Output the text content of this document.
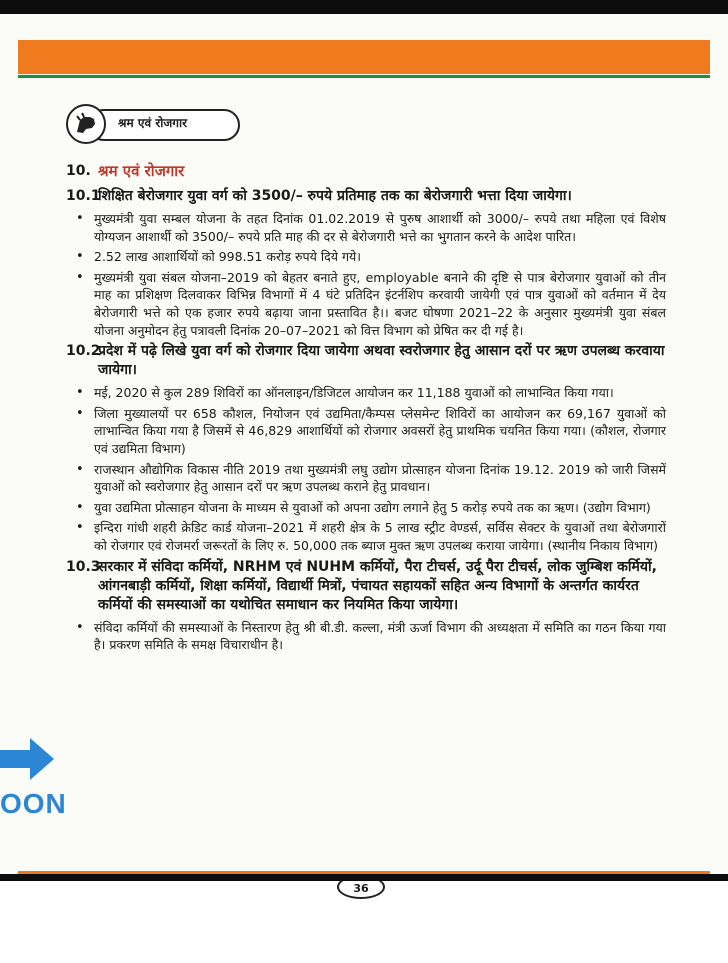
श्रम एवं रोजगार
10. श्रम एवं रोजगार
10.1
शिक्षित बेरोजगार युवा वर्ग को 3500/– रुपये प्रतिमाह तक का बेरोजगारी भत्ता दिया जायेगा।
• मुख्यमंत्री युवा सम्बल योजना के तहत दिनांक 01.02.2019 से पुरुष आशार्थी को 3000/– रुपये तथा महिला एवं विशेष योग्यजन आशार्थी को 3500/– रुपये प्रति माह की दर से बेरोजगारी भत्ते का भुगतान करने के आदेश पारित।
• 2.52 लाख आशार्थियों को 998.51 करोड़ रुपये दिये गये।
• मुख्यमंत्री युवा संबल योजना–2019 को बेहतर बनाते हुए, employable बनाने की दृष्टि से पात्र बेरोजगार युवाओं को तीन माह का प्रशिक्षण दिलवाकर विभिन्न विभागों में 4 घंटे प्रतिदिन इंटर्नशिप करवायी जायेगी एवं पात्र युवाओं को वर्तमान में देय बेरोजगारी भत्ते को एक हजार रुपये बढ़ाया जाना प्रस्तावित है।। बजट घोषणा 2021–22 के अनुसार मुख्यमंत्री युवा संबल योजना अनुमोदन हेतु पत्रावली दिनांक 20–07–2021 को वित्त विभाग को प्रेषित कर दी गई है।
10.2
प्रदेश में पढ़े लिखे युवा वर्ग को रोजगार दिया जायेगा अथवा स्वरोजगार हेतु आसान दरों पर ऋण उपलब्ध करवाया जायेगा।
• मई, 2020 से कुल 289 शिविरों का ऑनलाइन/डिजिटल आयोजन कर 11,188 युवाओं को लाभान्वित किया गया।
• जिला मुख्यालयों पर 658 कौशल, नियोजन एवं उद्यमिता/कैम्पस प्लेसमेन्ट शिविरों का आयोजन कर 69,167 युवाओं को लाभान्वित किया गया है जिसमें से 46,829 आशार्थियों को रोजगार अवसरों हेतु प्राथमिक चयनित किया गया। (कौशल, रोजगार एवं उद्यमिता विभाग)
• राजस्थान औद्योगिक विकास नीति 2019 तथा मुख्यमंत्री लघु उद्योग प्रोत्साहन योजना दिनांक 19.12. 2019 को जारी जिसमें युवाओं को स्वरोजगार हेतु आसान दरों पर ऋण उपलब्ध कराने हेतु प्रावधान।
• युवा उद्यमिता प्रोत्साहन योजना के माध्यम से युवाओं को अपना उद्योग लगाने हेतु 5 करोड़ रुपये तक का ऋण। (उद्योग विभाग)
• इन्दिरा गांधी शहरी क्रेडिट कार्ड योजना–2021 में शहरी क्षेत्र के 5 लाख स्ट्रीट वेण्डर्स, सर्विस सेक्टर के युवाओं तथा बेरोजगारों को रोजगार एवं रोजमर्रा जरूरतों के लिए रु. 50,000 तक ब्याज मुक्त ऋण उपलब्ध कराया जायेगा। (स्थानीय निकाय विभाग)
10.3
सरकार में संविदा कर्मियों, NRHM एवं NUHM कर्मियों, पैरा टीचर्स, उर्दू पैरा टीचर्स, लोक जुम्बिश कर्मियों, आंगनबाड़ी कर्मियों, शिक्षा कर्मियों, विद्यार्थी मित्रों, पंचायत सहायकों सहित अन्य विभागों के अन्तर्गत कार्यरत कर्मियों की समस्याओं का यथोचित समाधान कर नियमित किया जायेगा।
• संविदा कर्मियों की समस्याओं के निस्तारण हेतु श्री बी.डी. कल्ला, मंत्री ऊर्जा विभाग की अध्यक्षता में समिति का गठन किया गया है। प्रकरण समिति के समक्ष विचाराधीन है।
36
OON
